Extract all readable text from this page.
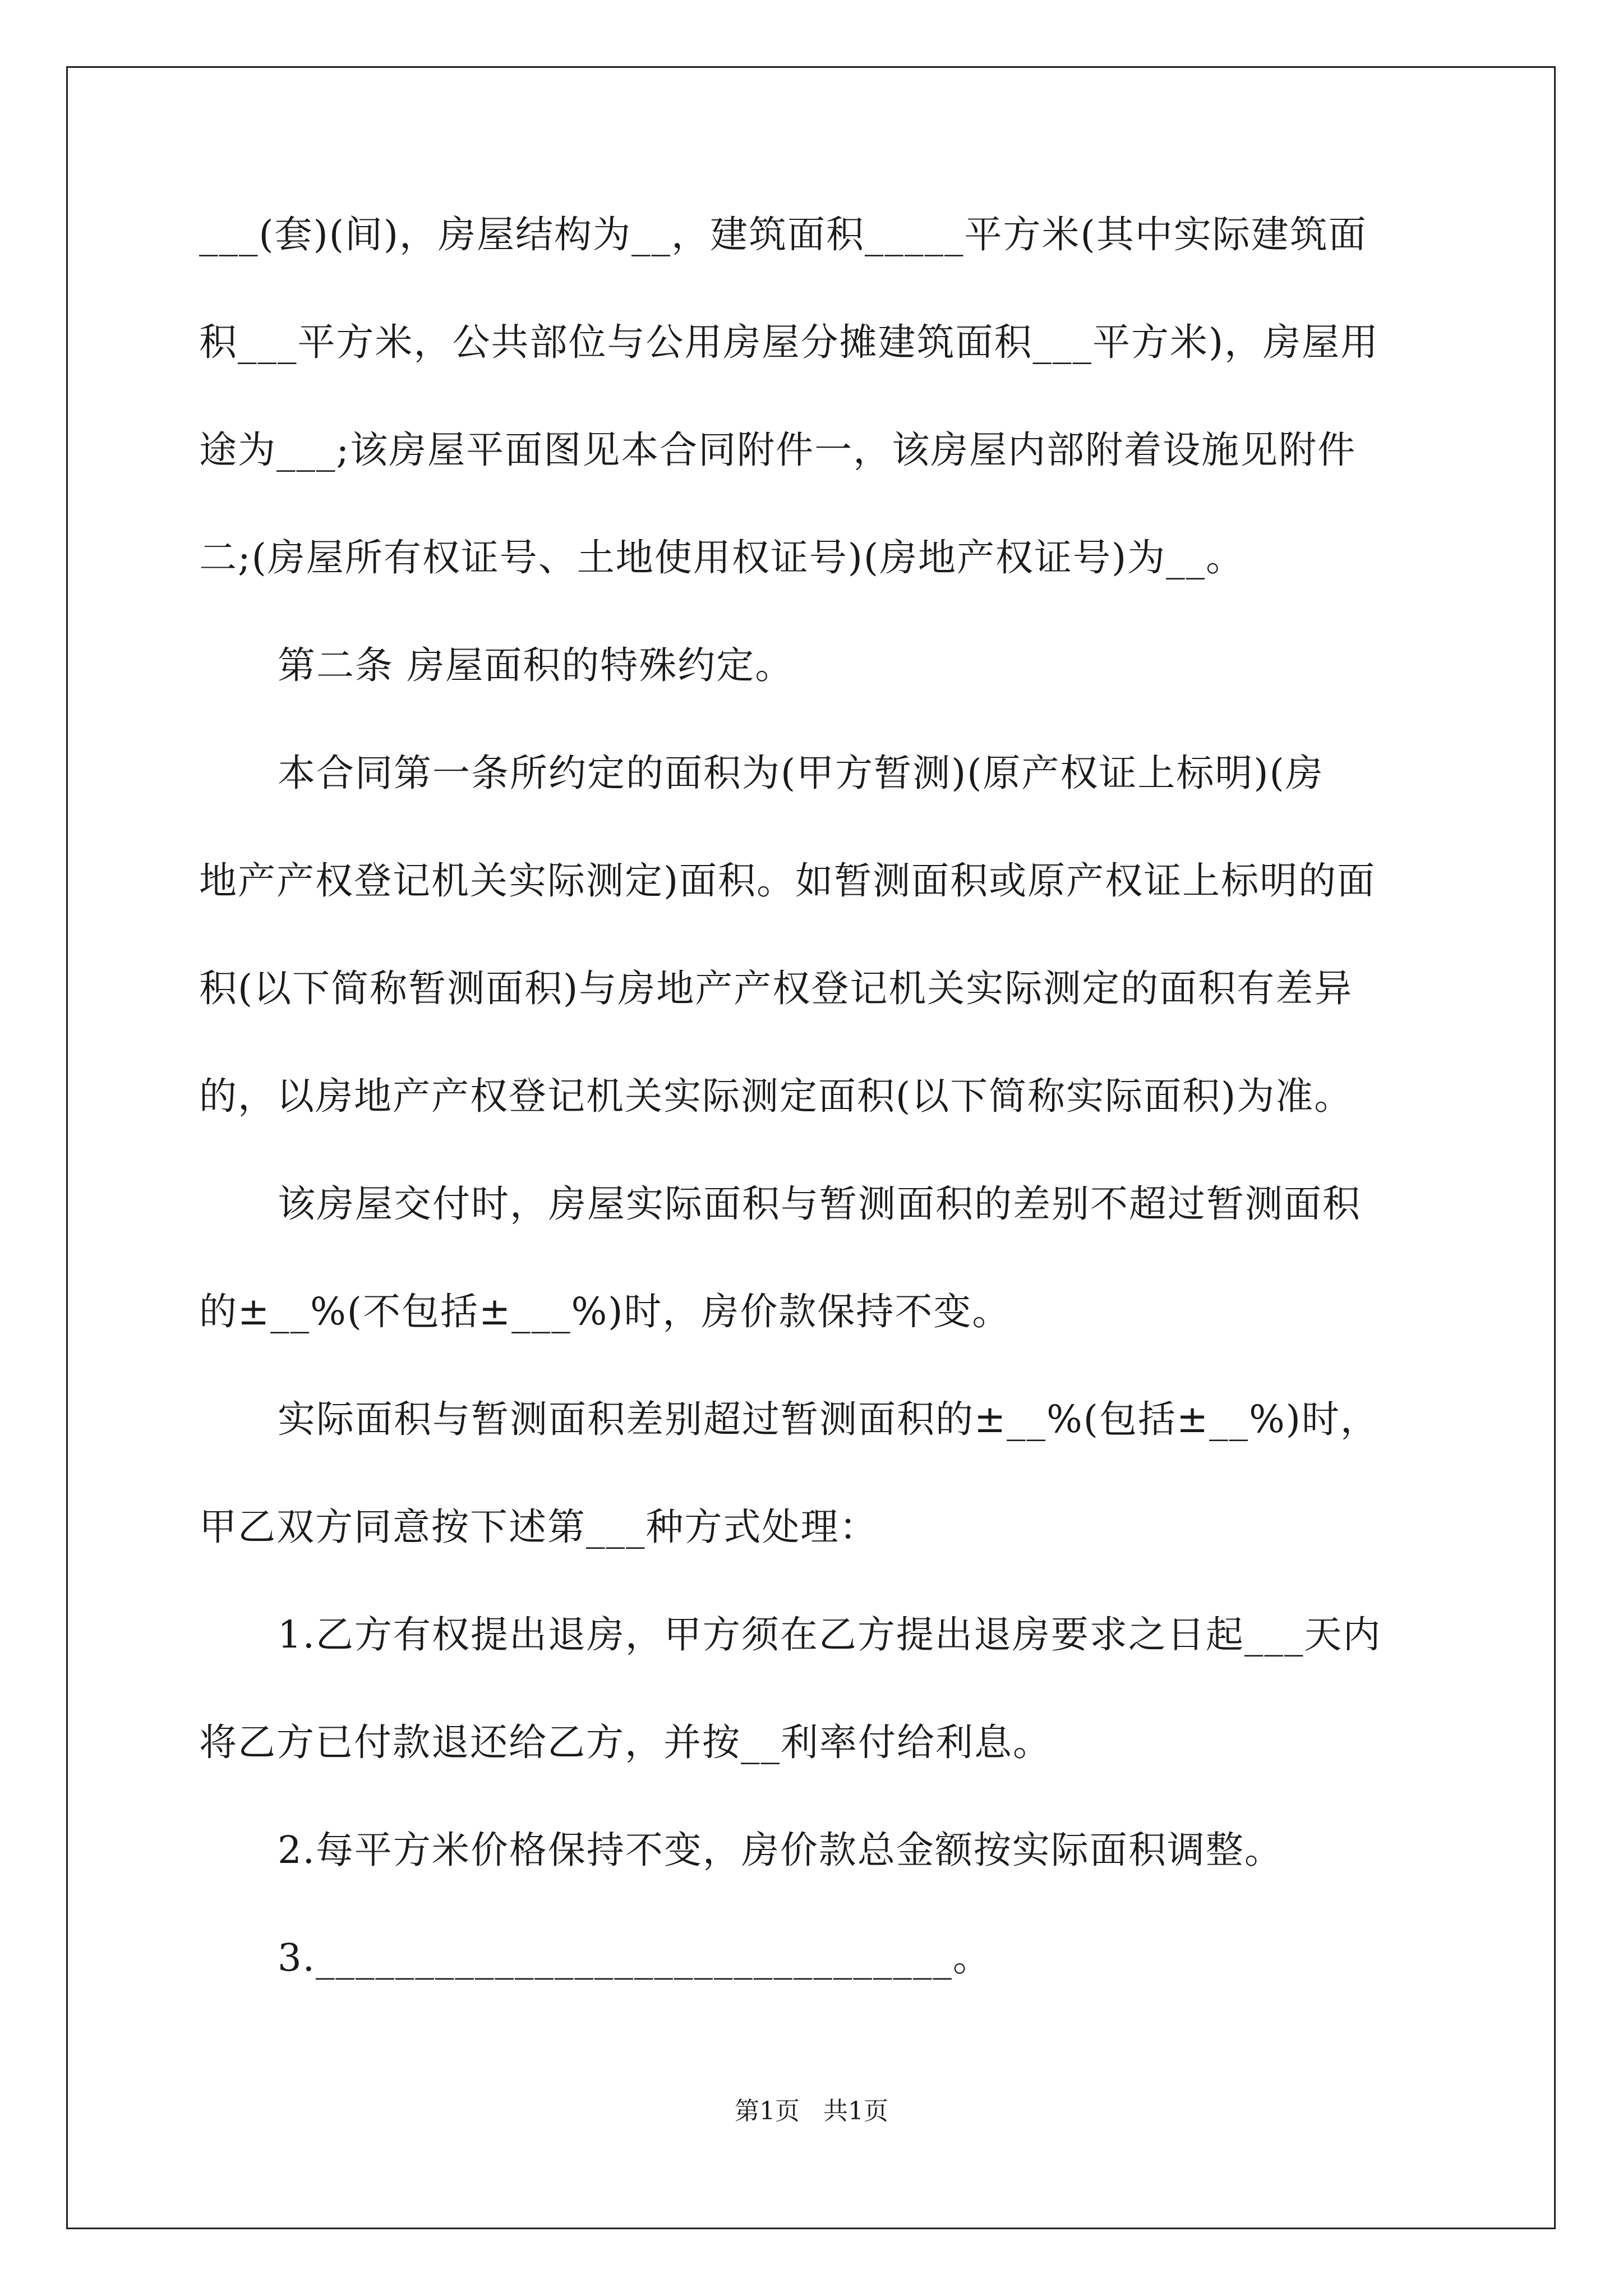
___(套)(间)，房屋结构为__，建筑面积_____平方米(其中实际建筑面
积___平方米，公共部位与公用房屋分摊建筑面积___平方米)，房屋用
途为___;该房屋平面图见本合同附件一，该房屋内部附着设施见附件
二;(房屋所有权证号、土地使用权证号)(房地产权证号)为__。
第二条 房屋面积的特殊约定。
本合同第一条所约定的面积为(甲方暂测)(原产权证上标明)(房
地产产权登记机关实际测定)面积。如暂测面积或原产权证上标明的面
积(以下简称暂测面积)与房地产产权登记机关实际测定的面积有差异
的，以房地产产权登记机关实际测定面积(以下简称实际面积)为准。
该房屋交付时，房屋实际面积与暂测面积的差别不超过暂测面积
的±__%(不包括±___%)时，房价款保持不变。
实际面积与暂测面积差别超过暂测面积的±__%(包括±__%)时，
甲乙双方同意按下述第___种方式处理：
1.乙方有权提出退房，甲方须在乙方提出退房要求之日起___天内
将乙方已付款退还给乙方，并按__利率付给利息。
2.每平方米价格保持不变，房价款总金额按实际面积调整。
3.________________________________。
第1页   共1页
